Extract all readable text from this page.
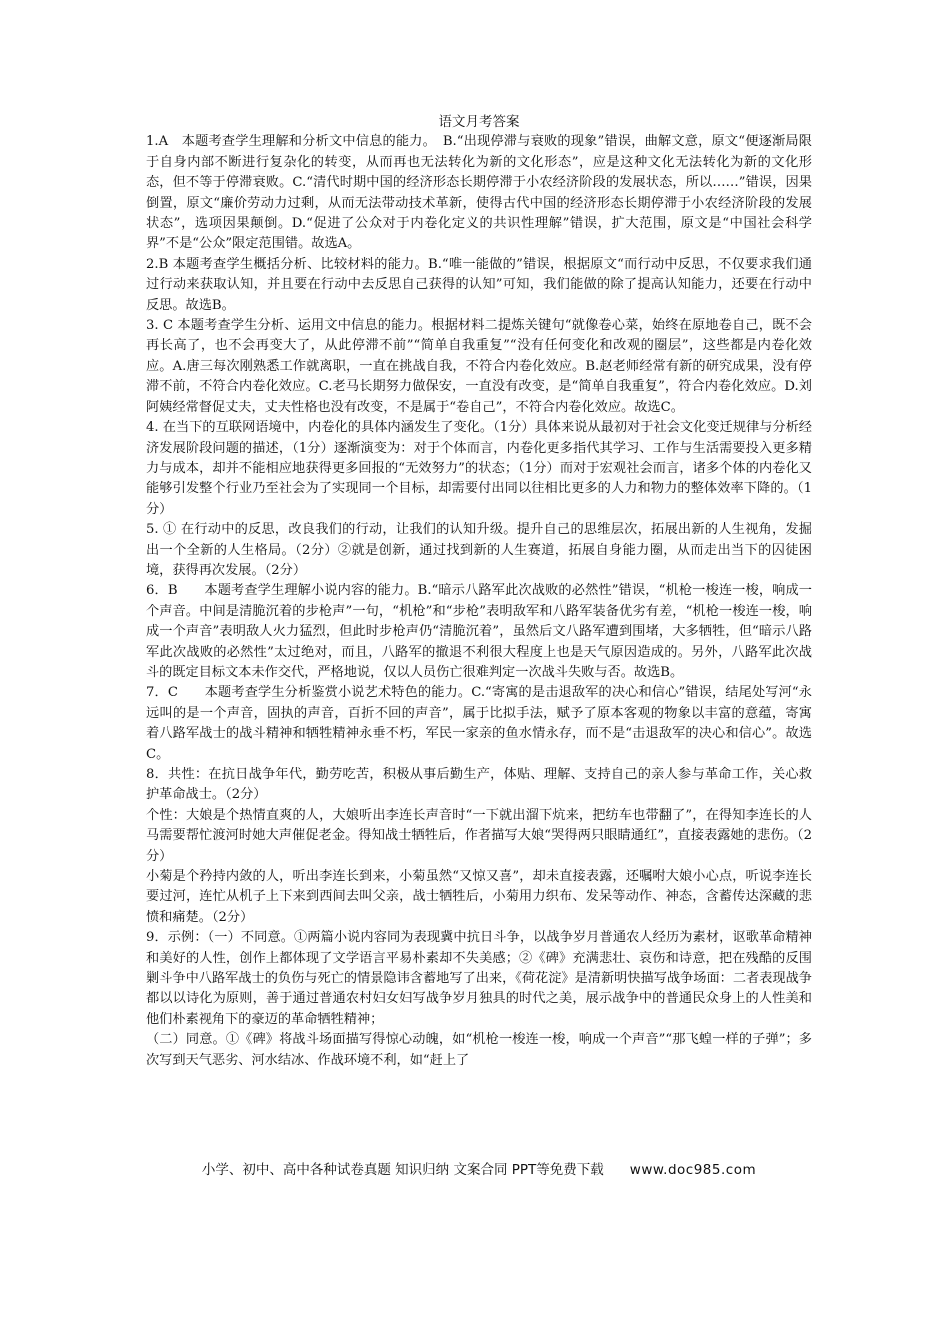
语文月考答案

1.A　本题考查学生理解和分析文中信息的能力。　B.“出现停滞与衰败的现象”错误，曲解文意，原文“便逐渐局限于自身内部不断进行复杂化的转变，从而再也无法转化为新的文化形态”，应是这种文化无法转化为新的文化形态，但不等于停滞衰败。C.“清代时期中国的经济形态长期停滞于小农经济阶段的发展状态，所以……”错误，因果倒置，原文“廉价劳动力过剩，从而无法带动技术革新，使得古代中国的经济形态长期停滞于小农经济阶段的发展状态”，选项因果颠倒。D.“促进了公众对于内卷化定义的共识性理解”错误，扩大范围，原文是“中国社会科学界”不是“公众”限定范围错。故选A。

2.B 本题考查学生概括分析、比较材料的能力。B.“唯一能做的”错误，根据原文“而行动中反思，不仅要求我们通过行动来获取认知，并且要在行动中去反思自己获得的认知”可知，我们能做的除了提高认知能力，还要在行动中反思。故选B。

3. C 本题考查学生分析、运用文中信息的能力。根据材料二提炼关键句“就像卷心菜，始终在原地卷自己，既不会再长高了，也不会再变大了，从此停滞不前”“简单自我重复”“没有任何变化和改观的圈层”，这些都是内卷化效应。A.唐三每次刚熟悉工作就离职，一直在挑战自我，不符合内卷化效应。B.赵老师经常有新的研究成果，没有停滞不前，不符合内卷化效应。C.老马长期努力做保安，一直没有改变，是“简单自我重复”，符合内卷化效应。D.刘阿姨经常督促丈夫，丈夫性格也没有改变，不是属于“卷自己”，不符合内卷化效应。故选C。

4. 在当下的互联网语境中，内卷化的具体内涵发生了变化。（1分）具体来说从最初对于社会文化变迁规律与分析经济发展阶段问题的描述，（1分）逐渐演变为：对于个体而言，内卷化更多指代其学习、工作与生活需要投入更多精力与成本，却并不能相应地获得更多回报的“无效努力”的状态；（1分）而对于宏观社会而言，诸多个体的内卷化又能够引发整个行业乃至社会为了实现同一个目标，却需要付出同以往相比更多的人力和物力的整体效率下降的。（1分）

5. ① 在行动中的反思，改良我们的行动，让我们的认知升级。提升自己的思维层次，拓展出新的人生视角，发掘出一个全新的人生格局。（2分）②就是创新，通过找到新的人生赛道，拓展自身能力圈，从而走出当下的囚徒困境，获得再次发展。（2分）

6．B　　本题考查学生理解小说内容的能力。B.“暗示八路军此次战败的必然性”错误，“机枪一梭连一梭，响成一个声音。中间是清脆沉着的步枪声”一句，“机枪”和“步枪”表明敌军和八路军装备优劣有差，“机枪一梭连一梭，响成一个声音”表明敌人火力猛烈，但此时步枪声仍“清脆沉着”，虽然后文八路军遭到围堵，大多牺牲，但“暗示八路军此次战败的必然性”太过绝对，而且，八路军的撤退不利很大程度上也是天气原因造成的。另外，八路军此次战斗的既定目标文本未作交代，严格地说，仅以人员伤亡很难判定一次战斗失败与否。故选B。

7．C　　本题考查学生分析鉴赏小说艺术特色的能力。C.“寄寓的是击退敌军的决心和信心”错误，结尾处写河“永远叫的是一个声音，固执的声音，百折不回的声音”，属于比拟手法，赋予了原本客观的物象以丰富的意蕴，寄寓着八路军战士的战斗精神和牺牲精神永垂不朽，军民一家亲的鱼水情永存，而不是“击退敌军的决心和信心”。故选C。

8．共性：在抗日战争年代，勤劳吃苦，积极从事后勤生产，体贴、理解、支持自己的亲人参与革命工作，关心救护革命战士。（2分）

个性：大娘是个热情直爽的人，大娘听出李连长声音时“一下就出溜下炕来，把纺车也带翻了”，在得知李连长的人马需要帮忙渡河时她大声催促老金。得知战士牺牲后，作者描写大娘“哭得两只眼睛通红”，直接表露她的悲伤。（2分）

小菊是个矜持内敛的人，听出李连长到来，小菊虽然“又惊又喜”，却未直接表露，还嘱咐大娘小心点，听说李连长要过河，连忙从机子上下来到西间去叫父亲，战士牺牲后，小菊用力织布、发呆等动作、神态，含蓄传达深藏的悲愤和痛楚。（2分）

9．示例：（一）不同意。①两篇小说内容同为表现冀中抗日斗争，以战争岁月普通农人经历为素材，讴歌革命精神和美好的人性，创作上都体现了文学语言平易朴素却不失美感；②《碑》充满悲壮、哀伤和诗意，把在残酷的反围剿斗争中八路军战士的负伤与死亡的情景隐讳含蓄地写了出来，《荷花淀》是清新明快描写战争场面：二者表现战争都以以诗化为原则，善于通过普通农村妇女妇写战争岁月独具的时代之美，展示战争中的普通民众身上的人性美和他们朴素视角下的豪迈的革命牺牲精神；

（二）同意。①《碑》将战斗场面描写得惊心动魄，如“机枪一梭连一梭，响成一个声音”“那飞蝗一样的子弹”；多次写到天气恶劣、河水结冰、作战环境不利，如“赶上了

小学、初中、高中各种试卷真题 知识归纳 文案合同 PPT等免费下载 www.doc985.com
